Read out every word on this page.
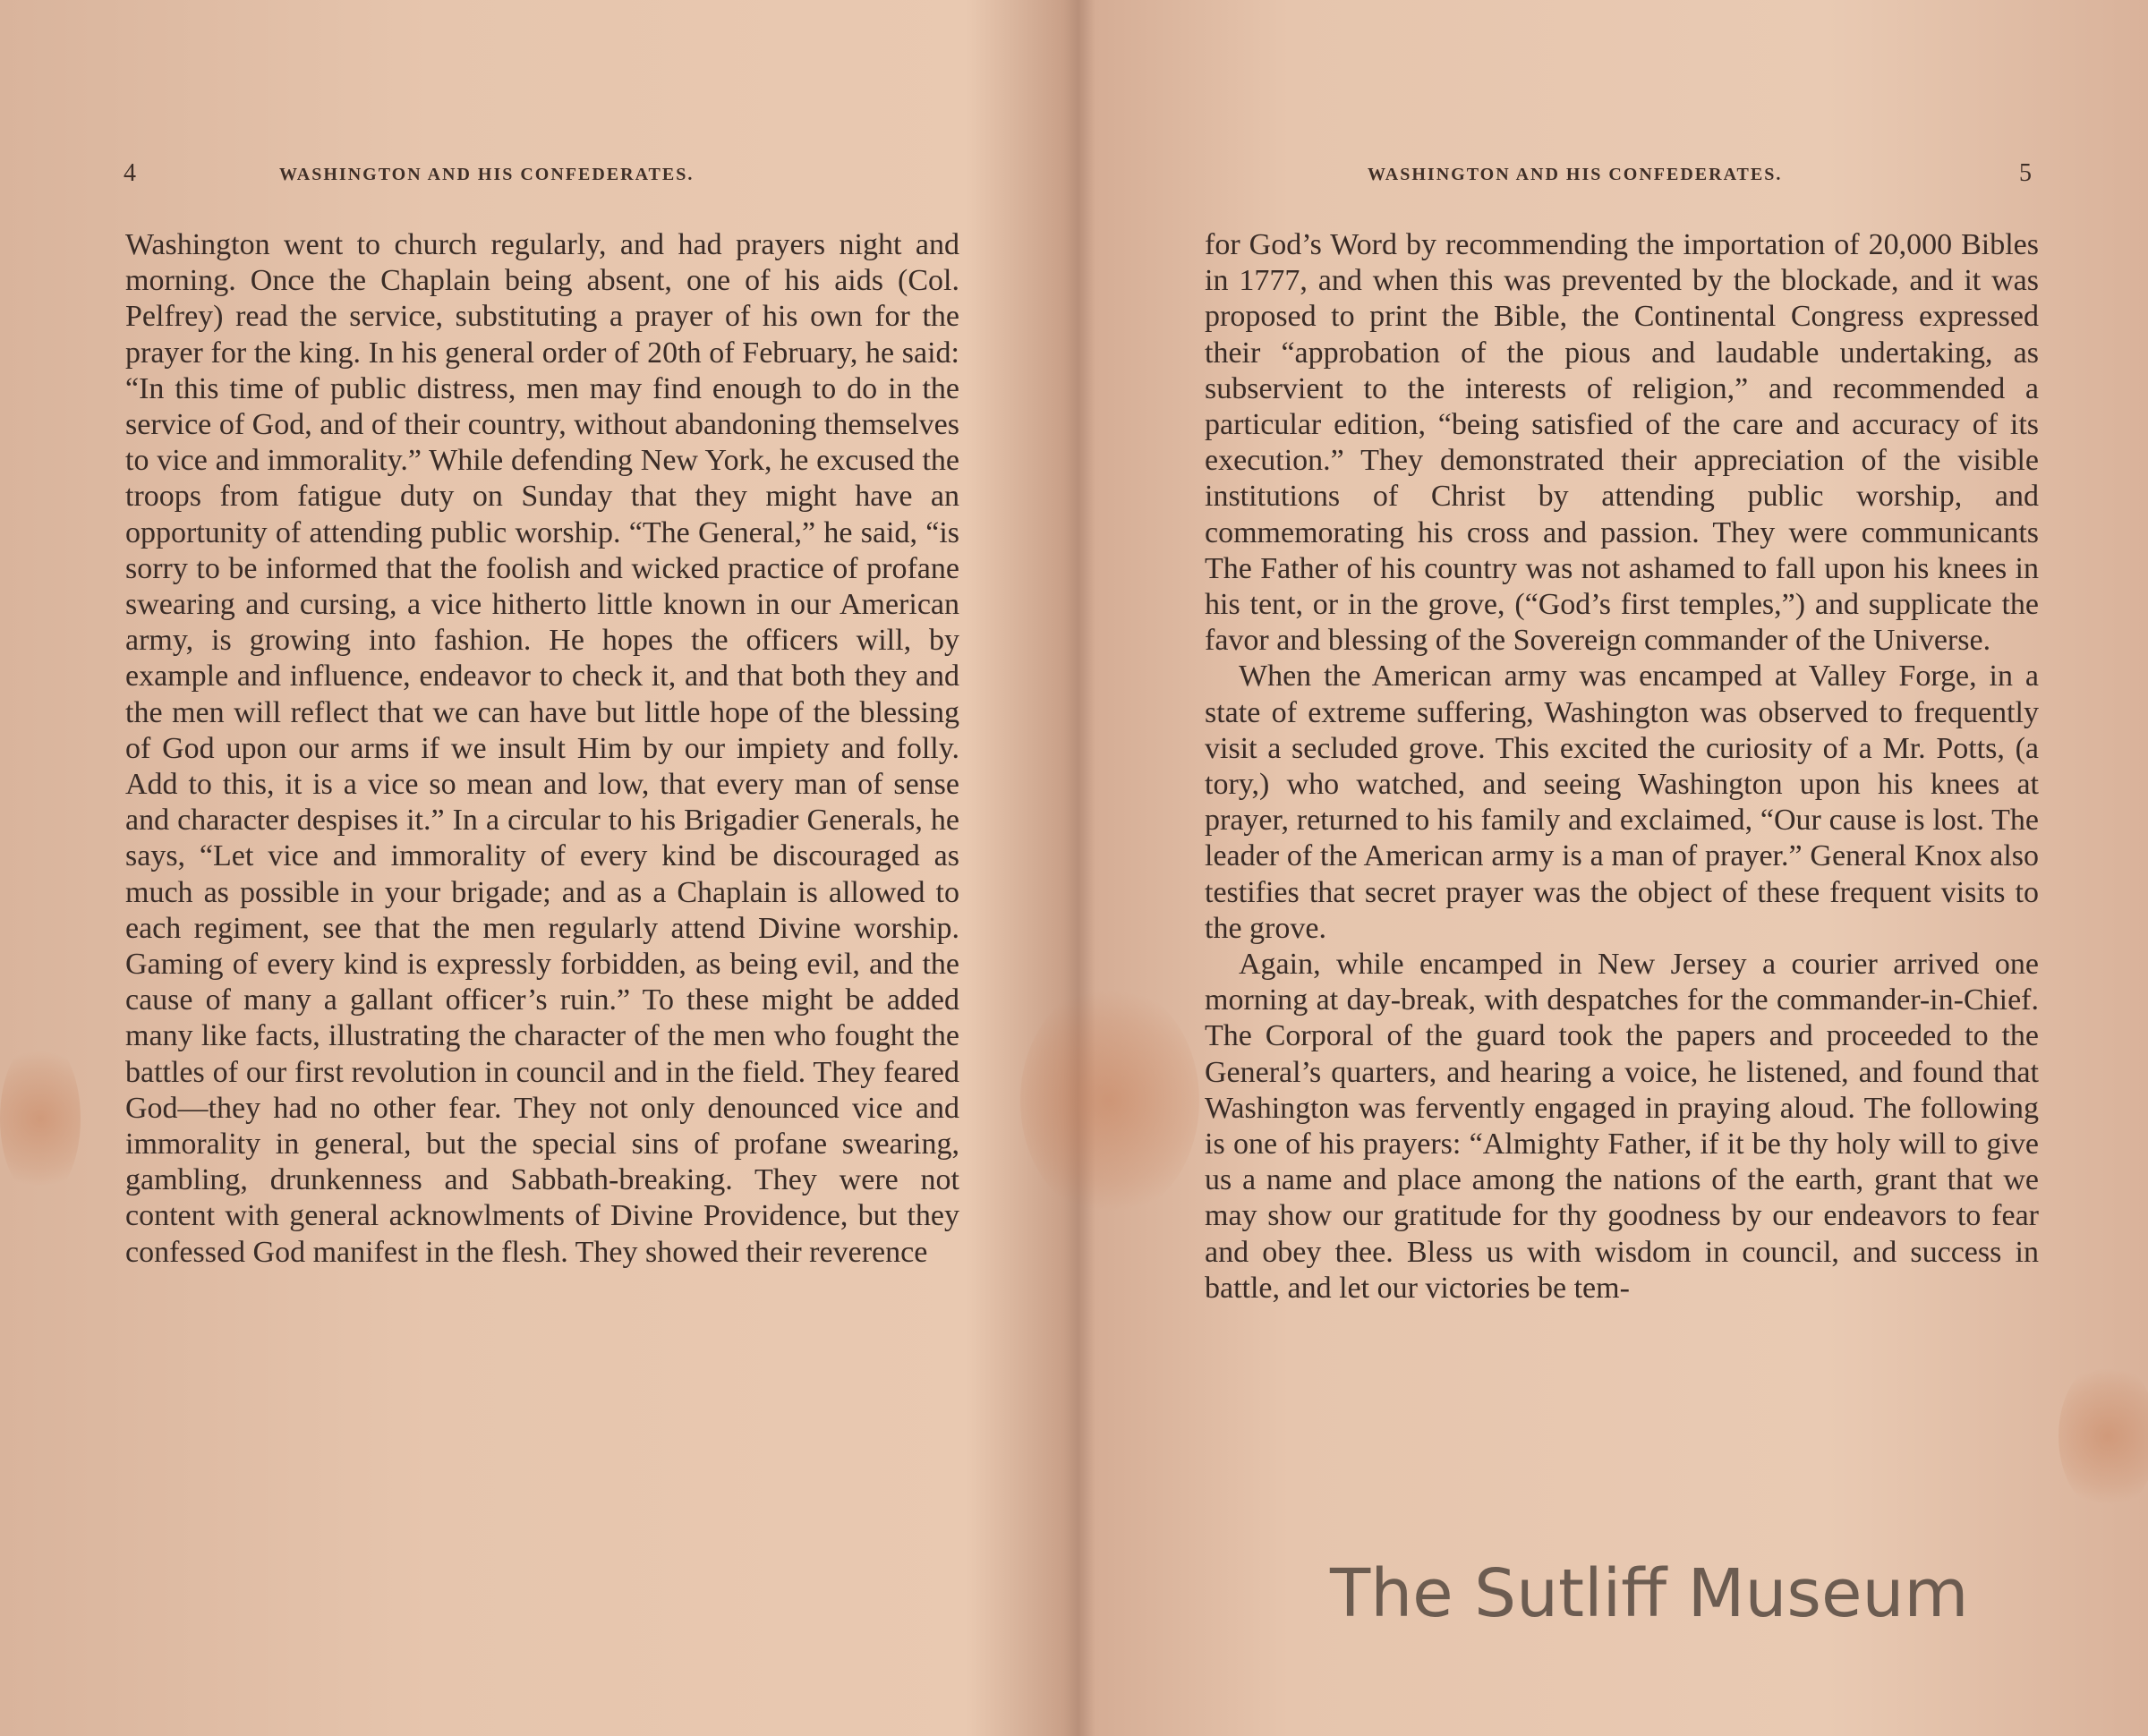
4	WASHINGTON AND HIS CONFEDERATES.

Washington went to church regularly, and had prayers night and morning. Once the Chaplain being absent, one of his aids (Col. Pelfrey) read the service, substituting a prayer of his own for the prayer for the king. In his general order of 20th of February, he said: “In this time of public distress, men may find enough to do in the service of God, and of their country, without abandoning themselves to vice and immorality.” While defending New York, he excused the troops from fatigue duty on Sunday that they might have an opportunity of attending public worship. “The General,” he said, “is sorry to be informed that the foolish and wicked practice of profane swearing and cursing, a vice hitherto little known in our American army, is growing into fashion. He hopes the officers will, by example and influence, endeavor to check it, and that both they and the men will reflect that we can have but little hope of the blessing of God upon our arms if we insult Him by our impiety and folly. Add to this, it is a vice so mean and low, that every man of sense and character despises it.” In a circular to his Brigadier Generals, he says, “Let vice and immorality of every kind be discouraged as much as possible in your brigade; and as a Chaplain is allowed to each regiment, see that the men regularly attend Divine worship. Gaming of every kind is expressly forbidden, as being evil, and the cause of many a gallant officer’s ruin.” To these might be added many like facts, illustrating the character of the men who fought the battles of our first revolution in council and in the field. They feared God—they had no other fear. They not only denounced vice and immorality in general, but the special sins of profane swearing, gambling, drunkenness and Sabbath-breaking. They were not content with general acknowlments of Divine Providence, but they confessed God manifest in the flesh. They showed their reverence

WASHINGTON AND HIS CONFEDERATES.	5

for God’s Word by recommending the importation of 20,000 Bibles in 1777, and when this was prevented by the blockade, and it was proposed to print the Bible, the Continental Congress expressed their “approbation of the pious and laudable undertaking, as subservient to the interests of religion,” and recommended a particular edition, “being satisfied of the care and accuracy of its execution.” They demonstrated their appreciation of the visible institutions of Christ by attending public worship, and commemorating his cross and passion. They were communicants The Father of his country was not ashamed to fall upon his knees in his tent, or in the grove, (“God’s first temples,”) and supplicate the favor and blessing of the Sovereign commander of the Universe.

When the American army was encamped at Valley Forge, in a state of extreme suffering, Washington was observed to frequently visit a secluded grove. This excited the curiosity of a Mr. Potts, (a tory,) who watched, and seeing Washington upon his knees at prayer, returned to his family and exclaimed, “Our cause is lost. The leader of the American army is a man of prayer.” General Knox also testifies that secret prayer was the object of these frequent visits to the grove.

Again, while encamped in New Jersey a courier arrived one morning at day-break, with despatches for the commander-in-Chief. The Corporal of the guard took the papers and proceeded to the General’s quarters, and hearing a voice, he listened, and found that Washington was fervently engaged in praying aloud. The following is one of his prayers: “Almighty Father, if it be thy holy will to give us a name and place among the nations of the earth, grant that we may show our gratitude for thy goodness by our endeavors to fear and obey thee. Bless us with wisdom in council, and success in battle, and let our victories be tem-

The Sutliff Museum
